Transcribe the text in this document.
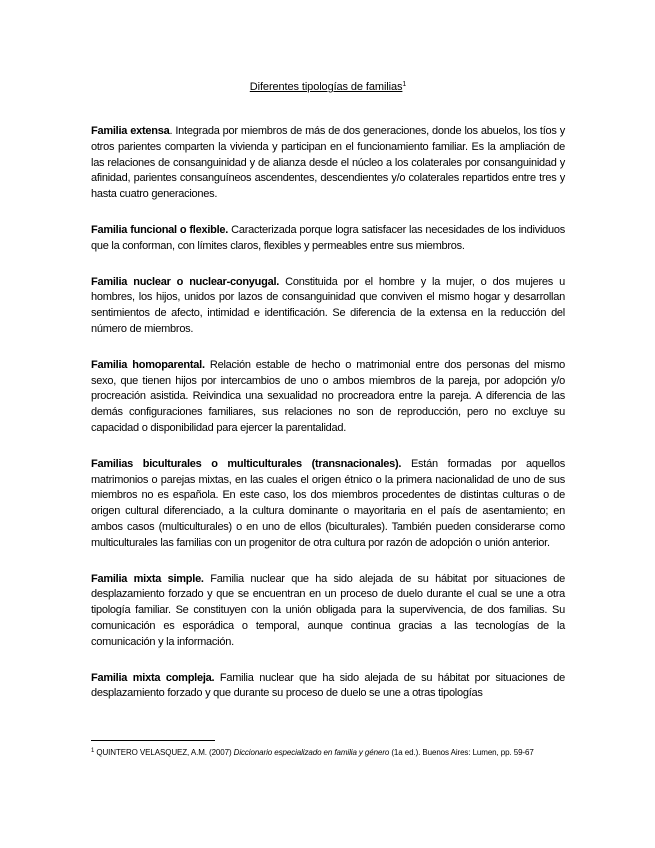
Diferentes tipologías de familias$^1$

Familia extensa. Integrada por miembros de más de dos generaciones, donde los abuelos, los tíos y otros parientes comparten la vivienda y participan en el funcionamiento familiar. Es la ampliación de las relaciones de consanguinidad y de alianza desde el núcleo a los colaterales por consanguinidad y afinidad, parientes consanguíneos ascendentes, descendientes y/o colaterales repartidos entre tres y hasta cuatro generaciones.

Familia funcional o flexible. Caracterizada porque logra satisfacer las necesidades de los individuos que la conforman, con límites claros, flexibles y permeables entre sus miembros.

Familia nuclear o nuclear-conyugal. Constituida por el hombre y la mujer, o dos mujeres u hombres, los hijos, unidos por lazos de consanguinidad que conviven el mismo hogar y desarrollan sentimientos de afecto, intimidad e identificación. Se diferencia de la extensa en la reducción del número de miembros.

Familia homoparental. Relación estable de hecho o matrimonial entre dos personas del mismo sexo, que tienen hijos por intercambios de uno o ambos miembros de la pareja, por adopción y/o procreación asistida. Reivindica una sexualidad no procreadora entre la pareja. A diferencia de las demás configuraciones familiares, sus relaciones no son de reproducción, pero no excluye su capacidad o disponibilidad para ejercer la parentalidad.

Familias biculturales o multiculturales (transnacionales). Están formadas por aquellos matrimonios o parejas mixtas, en las cuales el origen étnico o la primera nacionalidad de uno de sus miembros no es española. En este caso, los dos miembros procedentes de distintas culturas o de origen cultural diferenciado, a la cultura dominante o mayoritaria en el país de asentamiento; en ambos casos (multiculturales) o en uno de ellos (biculturales). También pueden considerarse como multiculturales las familias con un progenitor de otra cultura por razón de adopción o unión anterior.

Familia mixta simple. Familia nuclear que ha sido alejada de su hábitat por situaciones de desplazamiento forzado y que se encuentran en un proceso de duelo durante el cual se une a otra tipología familiar. Se constituyen con la unión obligada para la supervivencia, de dos familias. Su comunicación es esporádica o temporal, aunque continua gracias a las tecnologías de la comunicación y la información.

Familia mixta compleja. Familia nuclear que ha sido alejada de su hábitat por situaciones de desplazamiento forzado y que durante su proceso de duelo se une a otras tipologías

$^1$ QUINTERO VELASQUEZ, A.M. (2007) Diccionario especializado en familia y género (1a ed.). Buenos Aires: Lumen, pp. 59-67
